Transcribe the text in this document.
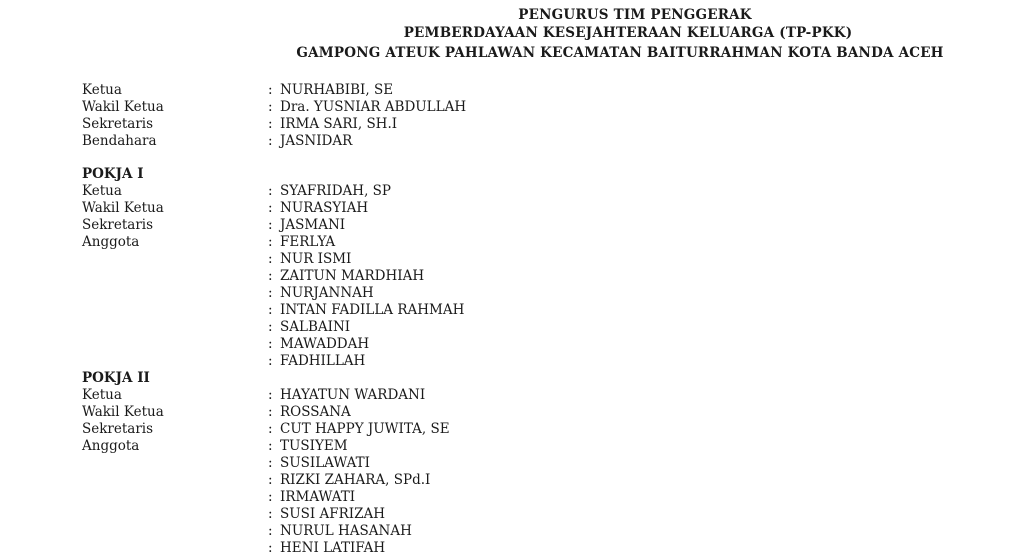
PENGURUS TIM PENGGERAK
PEMBERDAYAAN KESEJAHTERAAN KELUARGA (TP-PKK)
GAMPONG ATEUK PAHLAWAN KECAMATAN BAITURRAHMAN KOTA BANDA ACEH
Ketua	: NURHABIBI, SE
Wakil Ketua	: Dra. YUSNIAR ABDULLAH
Sekretaris	: IRMA SARI, SH.I
Bendahara	: JASNIDAR
POKJA I
Ketua	: SYAFRIDAH, SP
Wakil Ketua	: NURASYIAH
Sekretaris	: JASMANI
Anggota	: FERLYA
: NUR ISMI
: ZAITUN MARDHIAH
: NURJANNAH
: INTAN FADILLA RAHMAH
: SALBAINI
: MAWADDAH
: FADHILLAH
POKJA II
Ketua	: HAYATUN WARDANI
Wakil Ketua	: ROSSANA
Sekretaris	: CUT HAPPY JUWITA, SE
Anggota	: TUSIYEM
: SUSILAWATI
: RIZKI ZAHARA, SPd.I
: IRMAWATI
: SUSI AFRIZAH
: NURUL HASANAH
: HENI LATIFAH
